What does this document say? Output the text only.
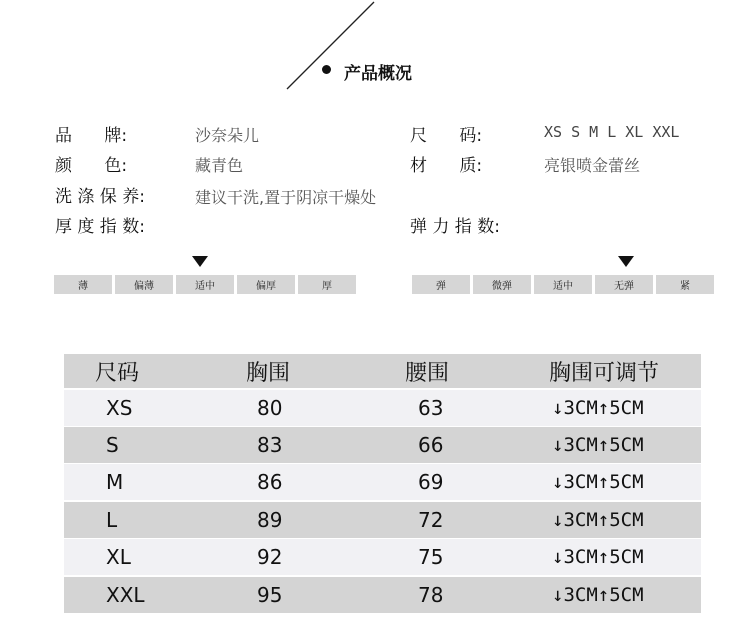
产品概况
品      牌:	沙奈朵儿	尺      码:	XS S M L XL XXL
颜      色:	藏青色	材      质:	亮银喷金蕾丝
洗 涤 保 养:	建议干洗,置于阴凉干燥处
厚 度 指 数:	弹 力 指 数:
薄	偏薄	适中	偏厚	厚	弹	微弹	适中	无弹	紧
尺码	胸围	腰围	胸围可调节
XS	80	63	↓3CM↑5CM
S	83	66	↓3CM↑5CM
M	86	69	↓3CM↑5CM
L	89	72	↓3CM↑5CM
XL	92	75	↓3CM↑5CM
XXL	95	78	↓3CM↑5CM
